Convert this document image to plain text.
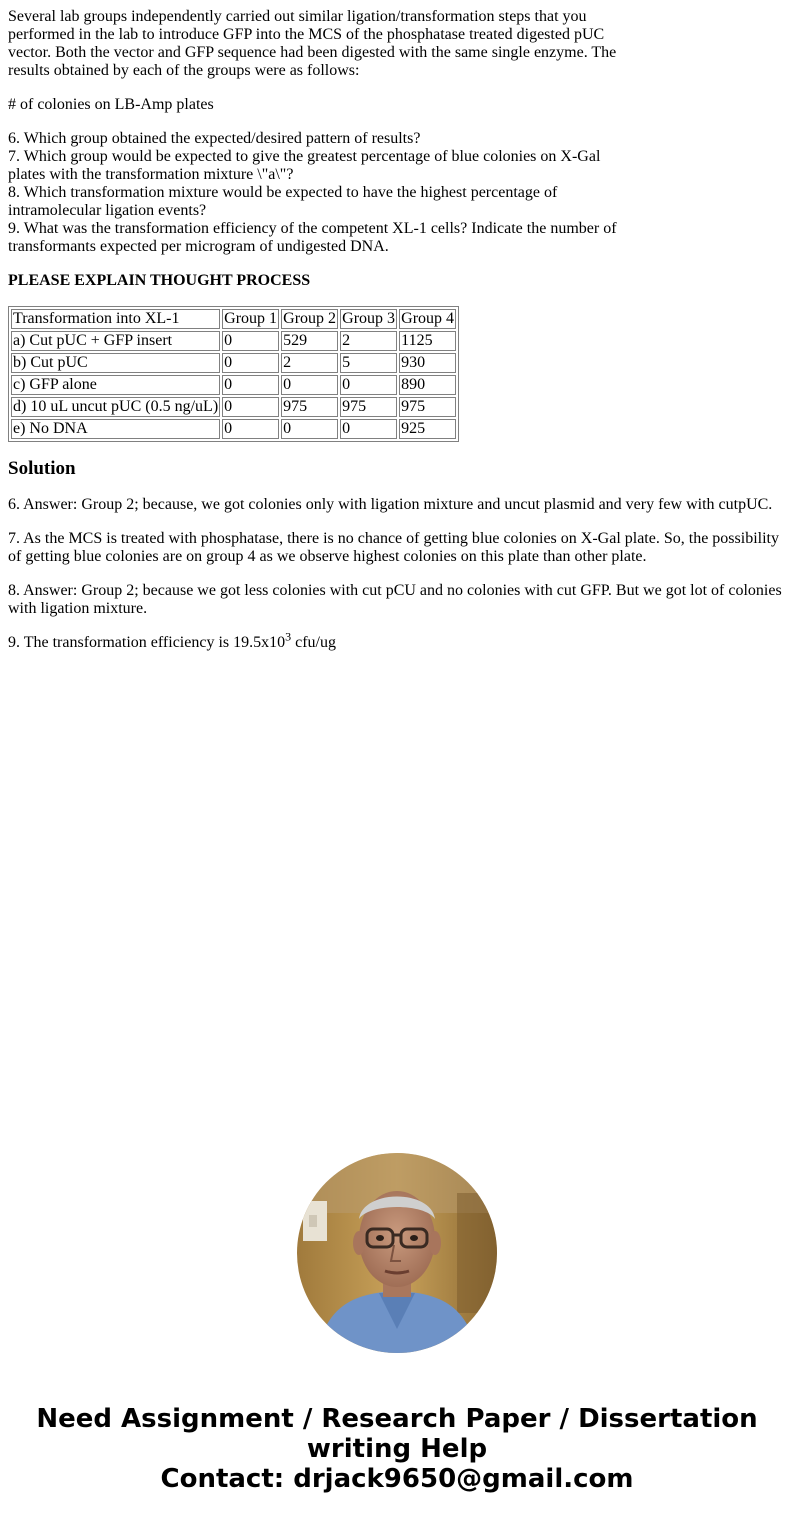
Several lab groups independently carried out similar ligation/transformation steps that you
performed in the lab to introduce GFP into the MCS of the phosphatase treated digested pUC
vector. Both the vector and GFP sequence had been digested with the same single enzyme. The
results obtained by each of the groups were as follows:

# of colonies on LB-Amp plates

6. Which group obtained the expected/desired pattern of results?
7. Which group would be expected to give the greatest percentage of blue colonies on X-Gal
plates with the transformation mixture \"a\"?
8. Which transformation mixture would be expected to have the highest percentage of
intramolecular ligation events?
9. What was the transformation efficiency of the competent XL-1 cells? Indicate the number of
transformants expected per microgram of undigested DNA.

PLEASE EXPLAIN THOUGHT PROCESS

Transformation into XL-1	Group 1	Group 2	Group 3	Group 4
a) Cut pUC + GFP insert	0	529	2	1125
b) Cut pUC	0	2	5	930
c) GFP alone	0	0	0	890
d) 10 uL uncut pUC (0.5 ng/uL)	0	975	975	975
e) No DNA	0	0	0	925
Solution

6. Answer: Group 2; because, we got colonies only with ligation mixture and uncut plasmid and very few with cutpUC.

7. As the MCS is treated with phosphatase, there is no chance of getting blue colonies on X-Gal plate. So, the possibility of getting blue colonies are on group 4 as we observe highest colonies on this plate than other plate.

8. Answer: Group 2; because we got less colonies with cut pCU and no colonies with cut GFP. But we got lot of colonies with ligation mixture.

9. The transformation efficiency is $19.5x10^3$ cfu/ug

Need Assignment / Research Paper / Dissertation
writing Help
Contact: drjack9650@gmail.com
